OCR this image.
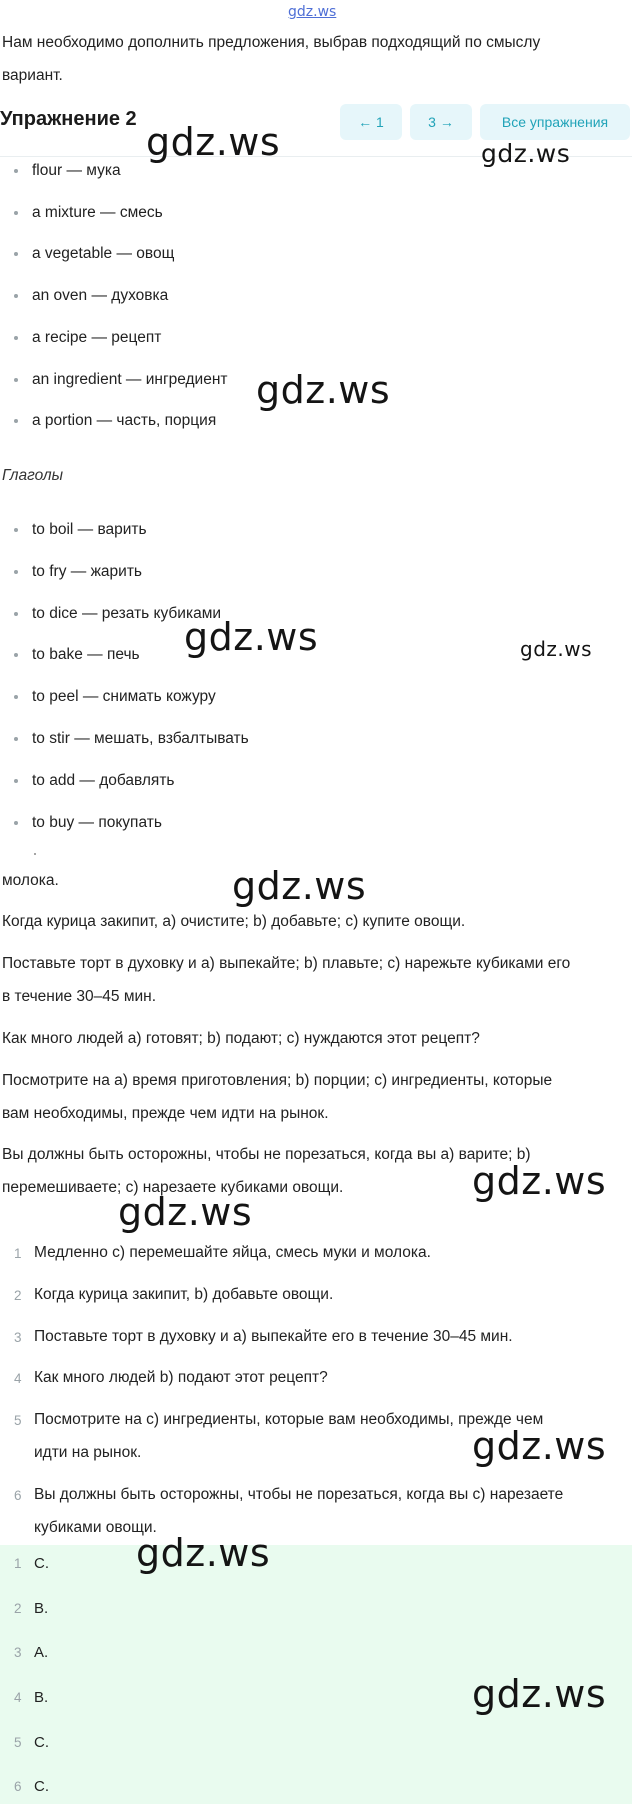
gdz.ws
Нам необходимо дополнить предложения, выбрав подходящий по смыслу
вариант.
Упражнение 2	← 1	3 →	Все упражнения
flour — мука
a mixture — смесь
a vegetable — овощ
an oven — духовка
a recipe — рецепт
an ingredient — ингредиент
a portion — часть, порция
Глаголы
to boil — варить
to fry — жарить
to dice — резать кубиками
to bake — печь
to peel — снимать кожуру
to stir — мешать, взбалтывать
to add — добавлять
to buy — покупать
молока.
Когда курица закипит, a) очистите; b) добавьте; c) купите овощи.
Поставьте торт в духовку и a) выпекайте; b) плавьте; c) нарежьте кубиками его
в течение 30–45 мин.
Как много людей a) готовят; b) подают; c) нуждаются этот рецепт?
Посмотрите на a) время приготовления; b) порции; c) ингредиенты, которые
вам необходимы, прежде чем идти на рынок.
Вы должны быть осторожны, чтобы не порезаться, когда вы a) варите; b)
перемешиваете; c) нарезаете кубиками овощи.
1 Медленно c) перемешайте яйца, смесь муки и молока.
2 Когда курица закипит, b) добавьте овощи.
3 Поставьте торт в духовку и a) выпекайте его в течение 30–45 мин.
4 Как много людей b) подают этот рецепт?
5 Посмотрите на c) ингредиенты, которые вам необходимы, прежде чем
идти на рынок.
6 Вы должны быть осторожны, чтобы не порезаться, когда вы c) нарезаете
кубиками овощи.
1 C.
2 B.
3 A.
4 B.
5 C.
6 C.
gdz.ws	gdz.ws
gdz.ws
gdz.ws	gdz.ws
gdz.ws
gdz.ws
gdz.ws
gdz.ws
gdz.ws
gdz.ws
